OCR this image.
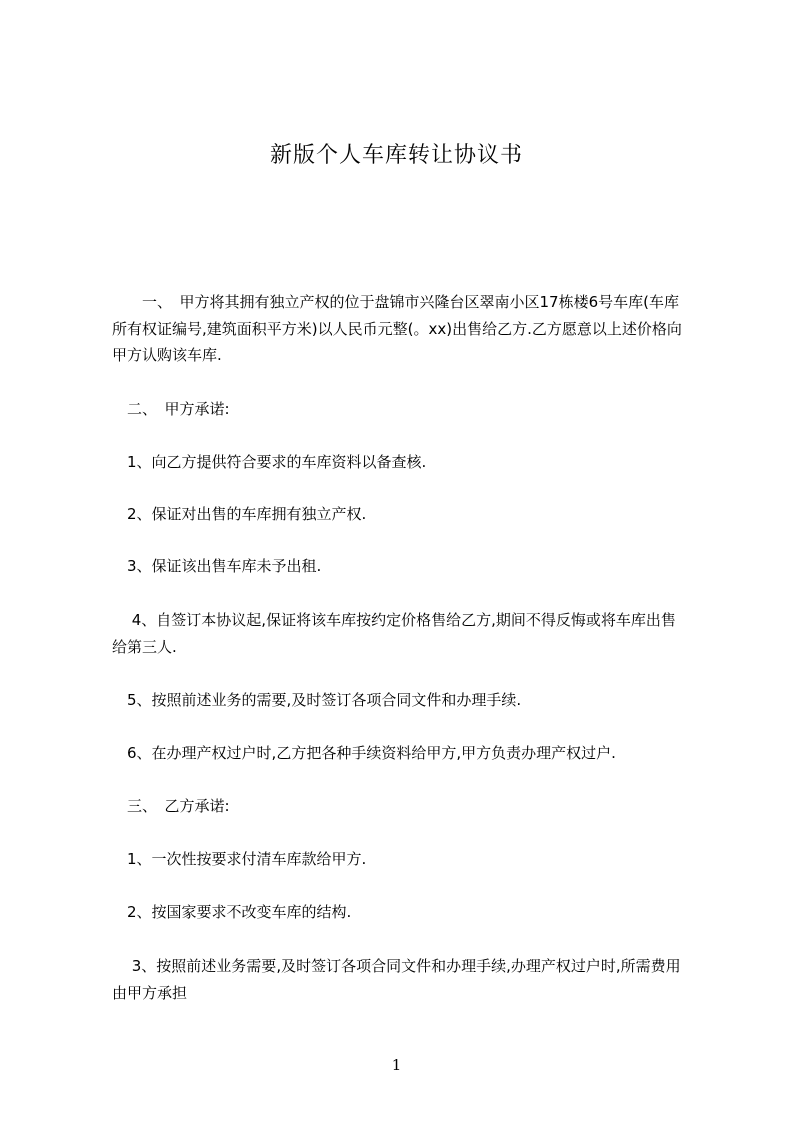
新版个人车库转让协议书

　　一、　甲方将其拥有独立产权的位于盘锦市兴隆台区翠南小区17栋楼6号车库(车库所有权证编号,建筑面积平方米)以人民币元整(。xx)出售给乙方.乙方愿意以上述价格向甲方认购该车库.

　二、　甲方承诺:

　1、向乙方提供符合要求的车库资料以备查核.

　2、保证对出售的车库拥有独立产权.

　3、保证该出售车库未予出租.

　 4、自签订本协议起,保证将该车库按约定价格售给乙方,期间不得反悔或将车库出售给第三人.

　5、按照前述业务的需要,及时签订各项合同文件和办理手续.

　6、在办理产权过户时,乙方把各种手续资料给甲方,甲方负责办理产权过户.

　三、　乙方承诺:

　1、一次性按要求付清车库款给甲方.

　2、按国家要求不改变车库的结构.

　 3、按照前述业务需要,及时签订各项合同文件和办理手续,办理产权过户时,所需费用由甲方承担

1
